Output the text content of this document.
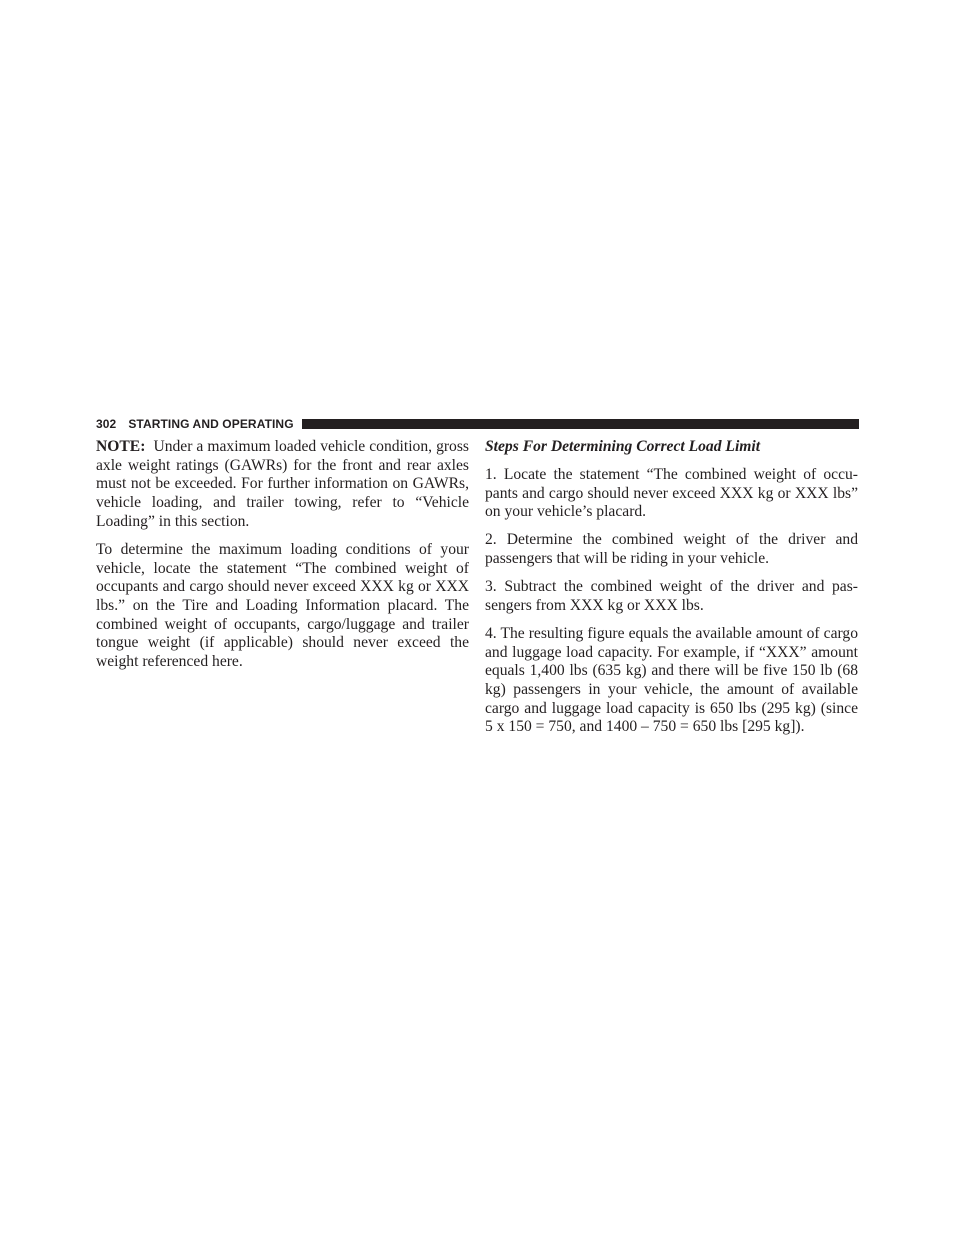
302 STARTING AND OPERATING

NOTE: Under a maximum loaded vehicle condition, gross axle weight ratings (GAWRs) for the front and rear axles must not be exceeded. For further information on GAWRs, vehicle loading, and trailer towing, refer to “Vehicle Loading” in this section.

To determine the maximum loading conditions of your vehicle, locate the statement “The combined weight of occupants and cargo should never exceed XXX kg or XXX lbs.” on the Tire and Loading Information placard. The combined weight of occupants, cargo/luggage and trailer tongue weight (if applicable) should never exceed the weight referenced here.

Steps For Determining Correct Load Limit

1. Locate the statement “The combined weight of occupants and cargo should never exceed XXX kg or XXX lbs” on your vehicle’s placard.

2. Determine the combined weight of the driver and passengers that will be riding in your vehicle.

3. Subtract the combined weight of the driver and passengers from XXX kg or XXX lbs.

4. The resulting figure equals the available amount of cargo and luggage load capacity. For example, if “XXX” amount equals 1,400 lbs (635 kg) and there will be five 150 lb (68 kg) passengers in your vehicle, the amount of available cargo and luggage load capacity is 650 lbs (295 kg) (since 5 x 150 = 750, and 1400 – 750 = 650 lbs [295 kg]).
